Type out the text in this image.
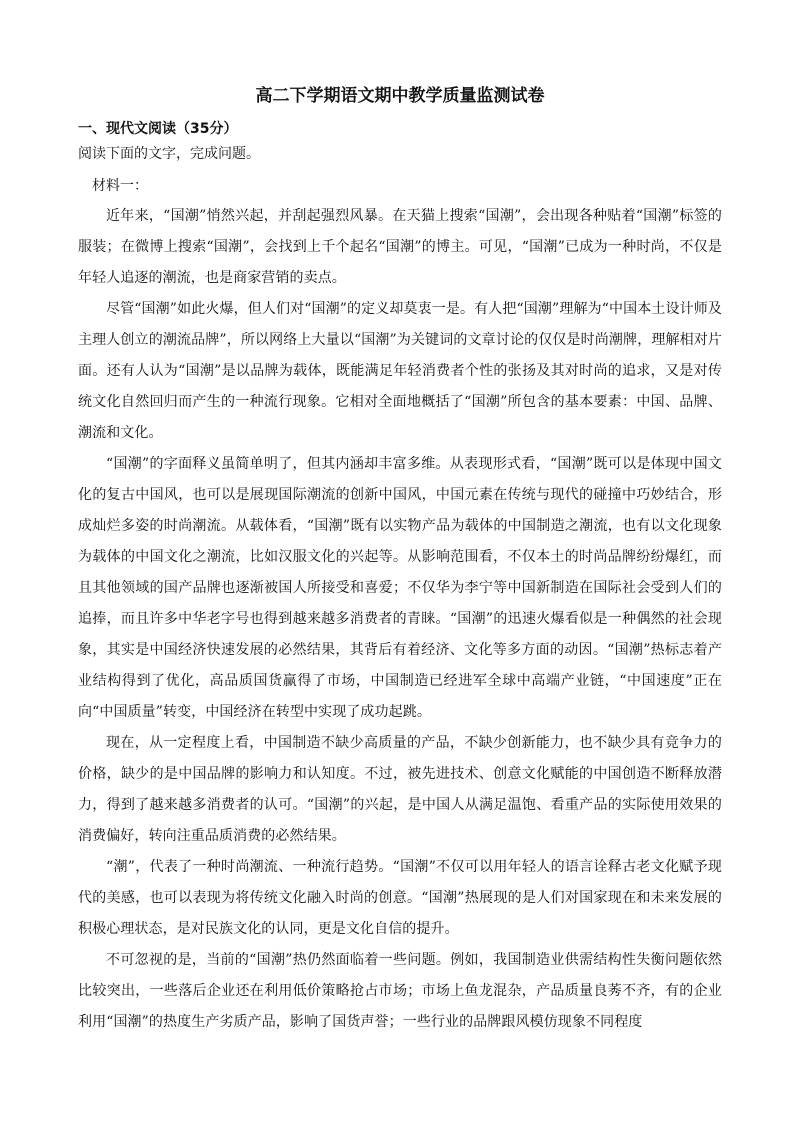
高二下学期语文期中教学质量监测试卷
一、现代文阅读（35分）

阅读下面的文字，完成问题。

材料一：

近年来，“国潮”悄然兴起，并刮起强烈风暴。在天猫上搜索“国潮”，会出现各种贴着“国潮”标签的服装；在微博上搜索“国潮”，会找到上千个起名“国潮”的博主。可见，“国潮”已成为一种时尚，不仅是年轻人追逐的潮流，也是商家营销的卖点。

尽管“国潮”如此火爆，但人们对“国潮”的定义却莫衷一是。有人把“国潮”理解为“中国本土设计师及主理人创立的潮流品牌”，所以网络上大量以“国潮”为关键词的文章讨论的仅仅是时尚潮牌，理解相对片面。还有人认为“国潮”是以品牌为载体，既能满足年轻消费者个性的张扬及其对时尚的追求，又是对传统文化自然回归而产生的一种流行现象。它相对全面地概括了“国潮”所包含的基本要素：中国、品牌、潮流和文化。

“国潮”的字面释义虽简单明了，但其内涵却丰富多维。从表现形式看，“国潮”既可以是体现中国文化的复古中国风，也可以是展现国际潮流的创新中国风，中国元素在传统与现代的碰撞中巧妙结合，形成灿烂多姿的时尚潮流。从载体看，“国潮”既有以实物产品为载体的中国制造之潮流，也有以文化现象为载体的中国文化之潮流，比如汉服文化的兴起等。从影响范围看，不仅本土的时尚品牌纷纷爆红，而且其他领域的国产品牌也逐渐被国人所接受和喜爱；不仅华为李宁等中国新制造在国际社会受到人们的追捧，而且许多中华老字号也得到越来越多消费者的青睐。“国潮”的迅速火爆看似是一种偶然的社会现象，其实是中国经济快速发展的必然结果，其背后有着经济、文化等多方面的动因。“国潮”热标志着产业结构得到了优化，高品质国货赢得了市场，中国制造已经进军全球中高端产业链，“中国速度”正在向“中国质量”转变，中国经济在转型中实现了成功起跳。

现在，从一定程度上看，中国制造不缺少高质量的产品，不缺少创新能力，也不缺少具有竞争力的价格，缺少的是中国品牌的影响力和认知度。不过，被先进技术、创意文化赋能的中国创造不断释放潜力，得到了越来越多消费者的认可。“国潮”的兴起，是中国人从满足温饱、看重产品的实际使用效果的消费偏好，转向注重品质消费的必然结果。

“潮”，代表了一种时尚潮流、一种流行趋势。“国潮”不仅可以用年轻人的语言诠释古老文化赋予现代的美感，也可以表现为将传统文化融入时尚的创意。“国潮”热展现的是人们对国家现在和未来发展的积极心理状态，是对民族文化的认同，更是文化自信的提升。

不可忽视的是，当前的“国潮”热仍然面临着一些问题。例如，我国制造业供需结构性失衡问题依然比较突出，一些落后企业还在利用低价策略抢占市场；市场上鱼龙混杂，产品质量良莠不齐，有的企业利用“国潮”的热度生产劣质产品，影响了国货声誉；一些行业的品牌跟风模仿现象不同程度
